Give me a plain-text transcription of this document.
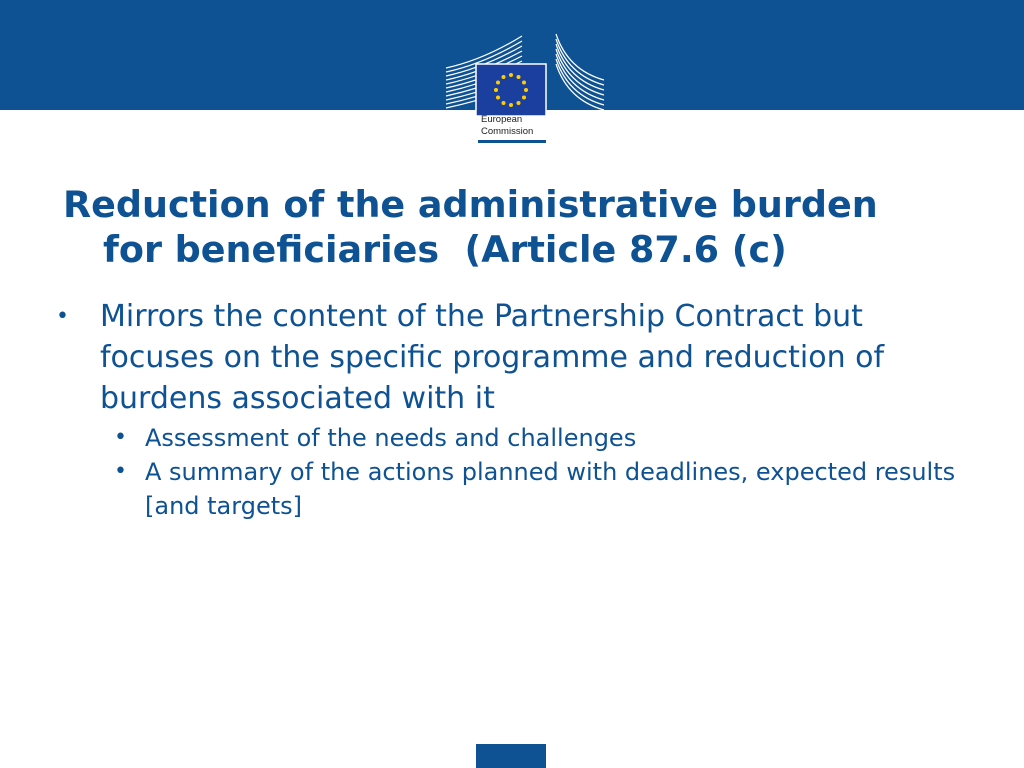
European
Commission
Reduction of the administrative burden
for beneficiaries  (Article 87.6 (c)
• Mirrors the content of the Partnership Contract but focuses on the specific programme and reduction of burdens associated with it
• Assessment of the needs and challenges
• A summary of the actions planned with deadlines, expected results   [and targets]
